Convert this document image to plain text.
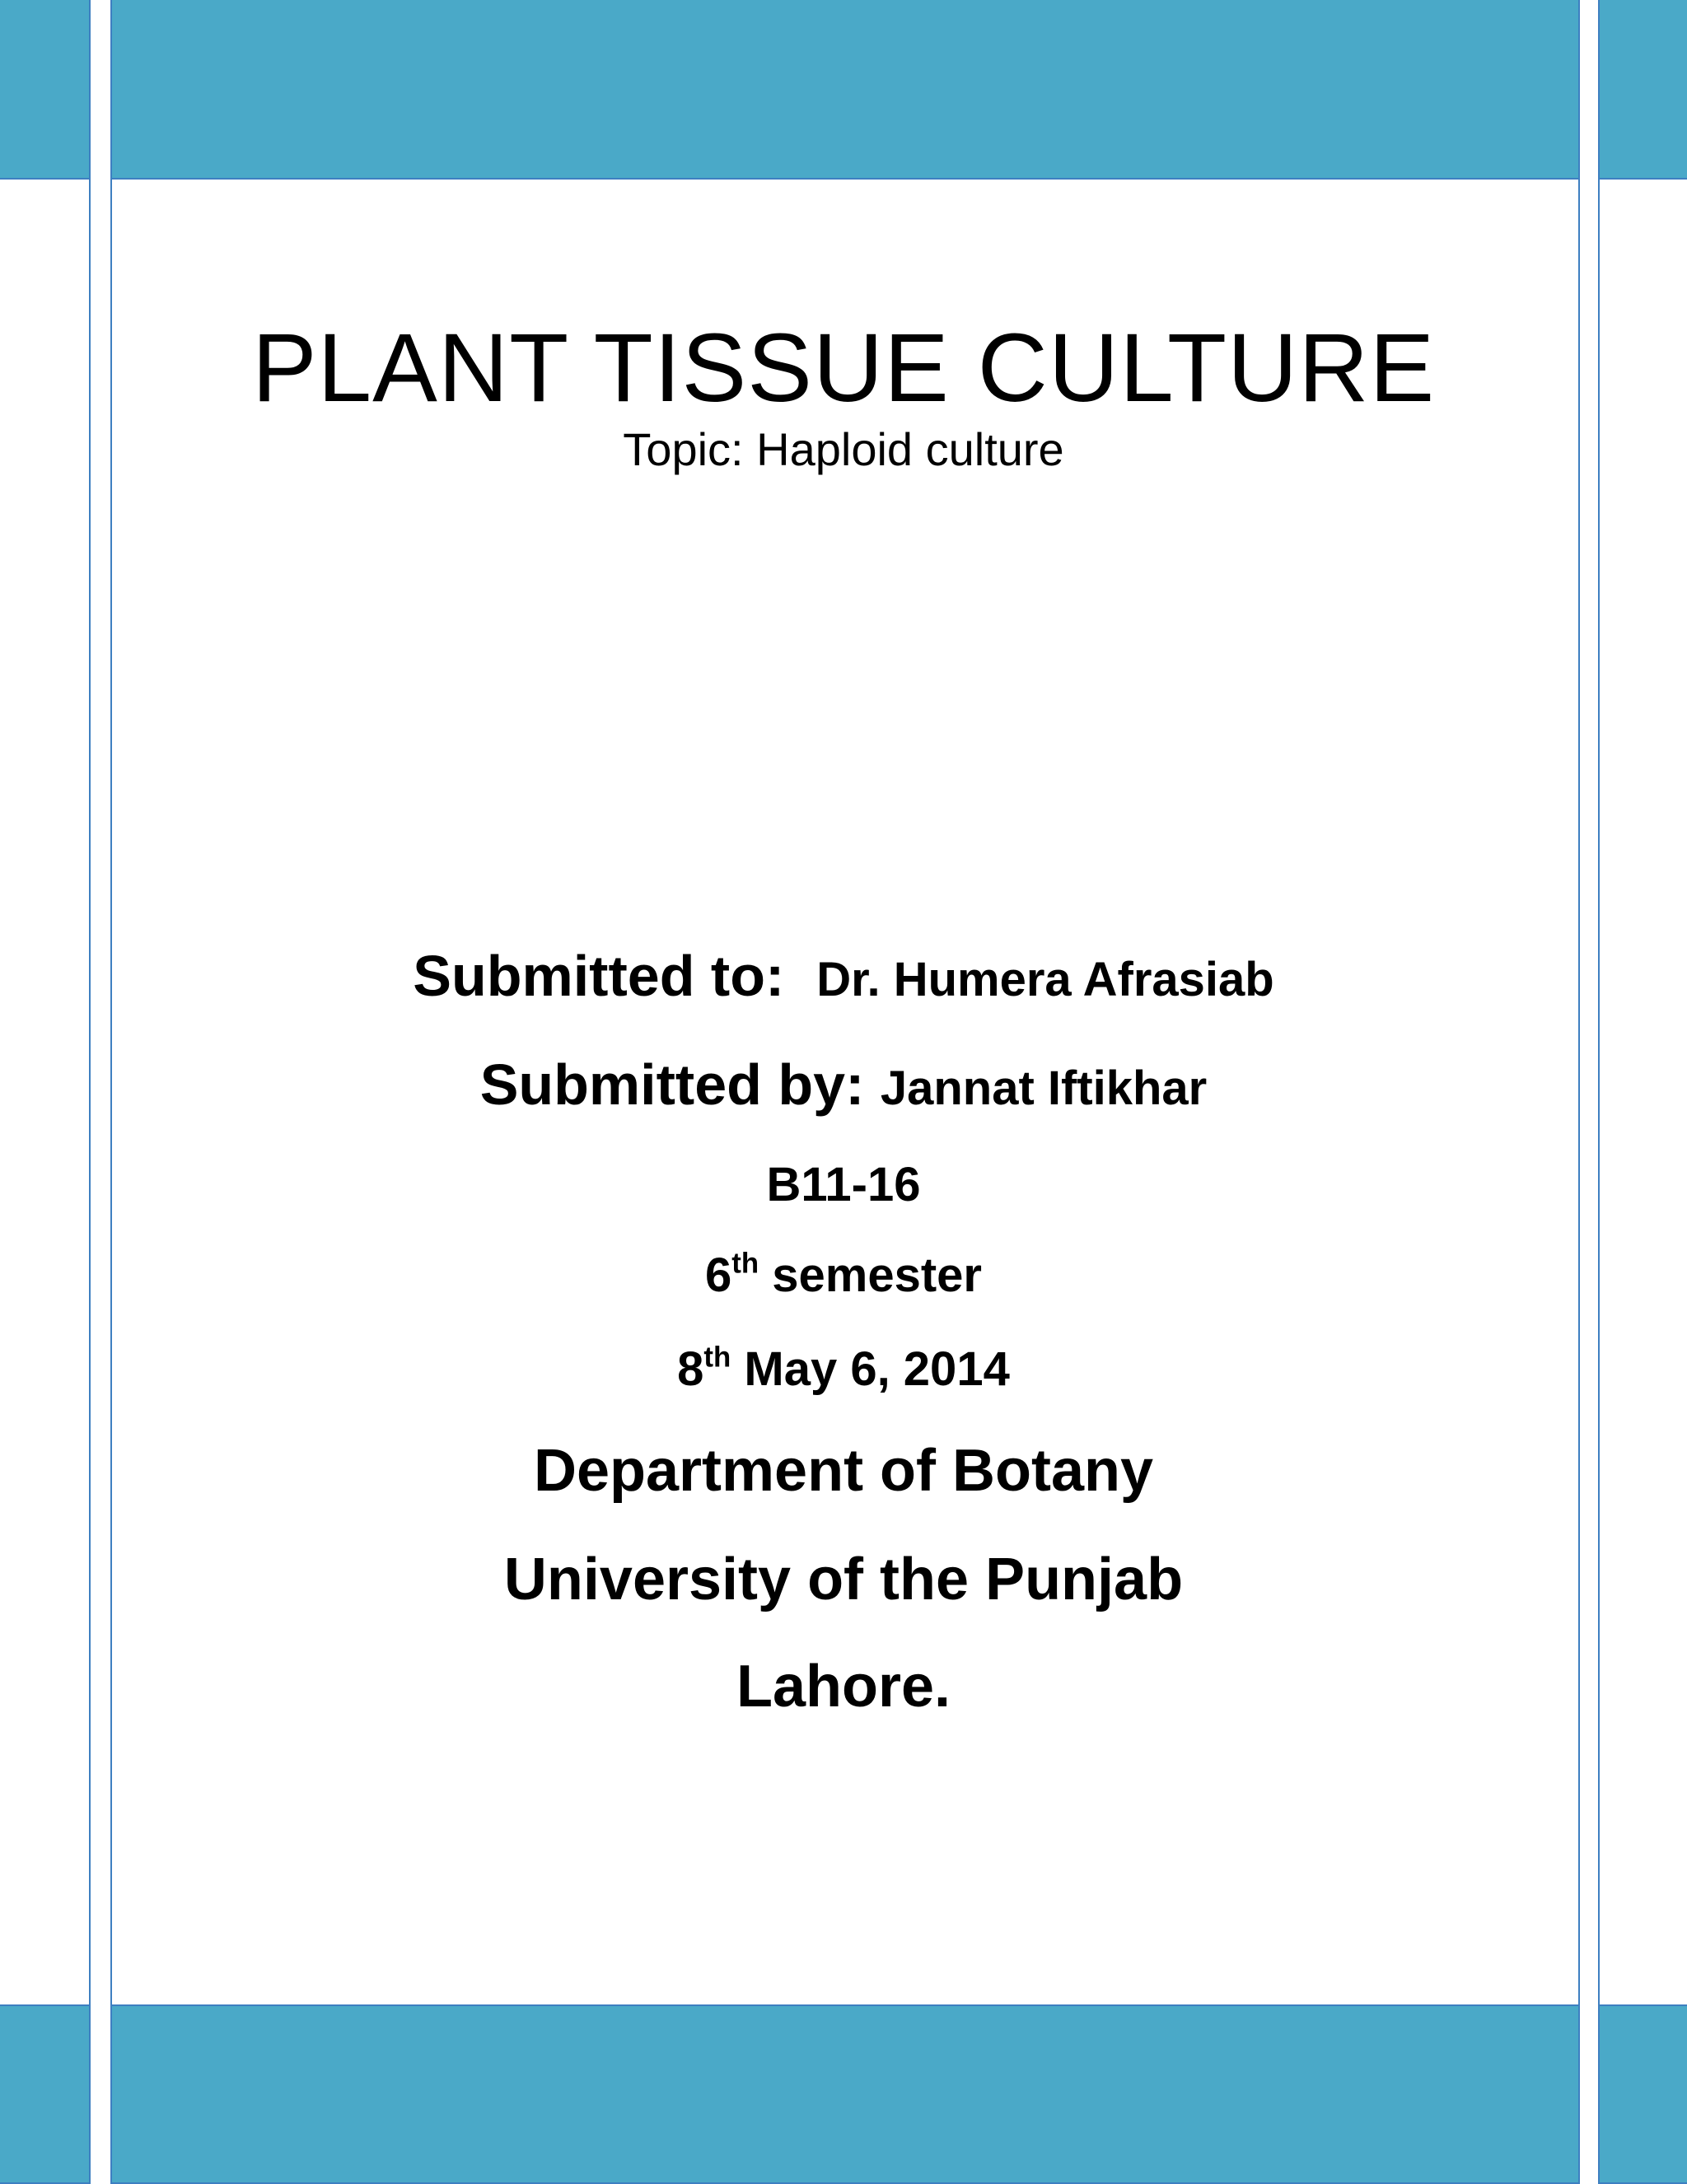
PLANT TISSUE CULTURE
Topic: Haploid culture
Submitted to: Dr. Humera Afrasiab
Submitted by: Jannat Iftikhar
B11-16
6th semester
8th May 6, 2014
Department of Botany
University of the Punjab
Lahore.
